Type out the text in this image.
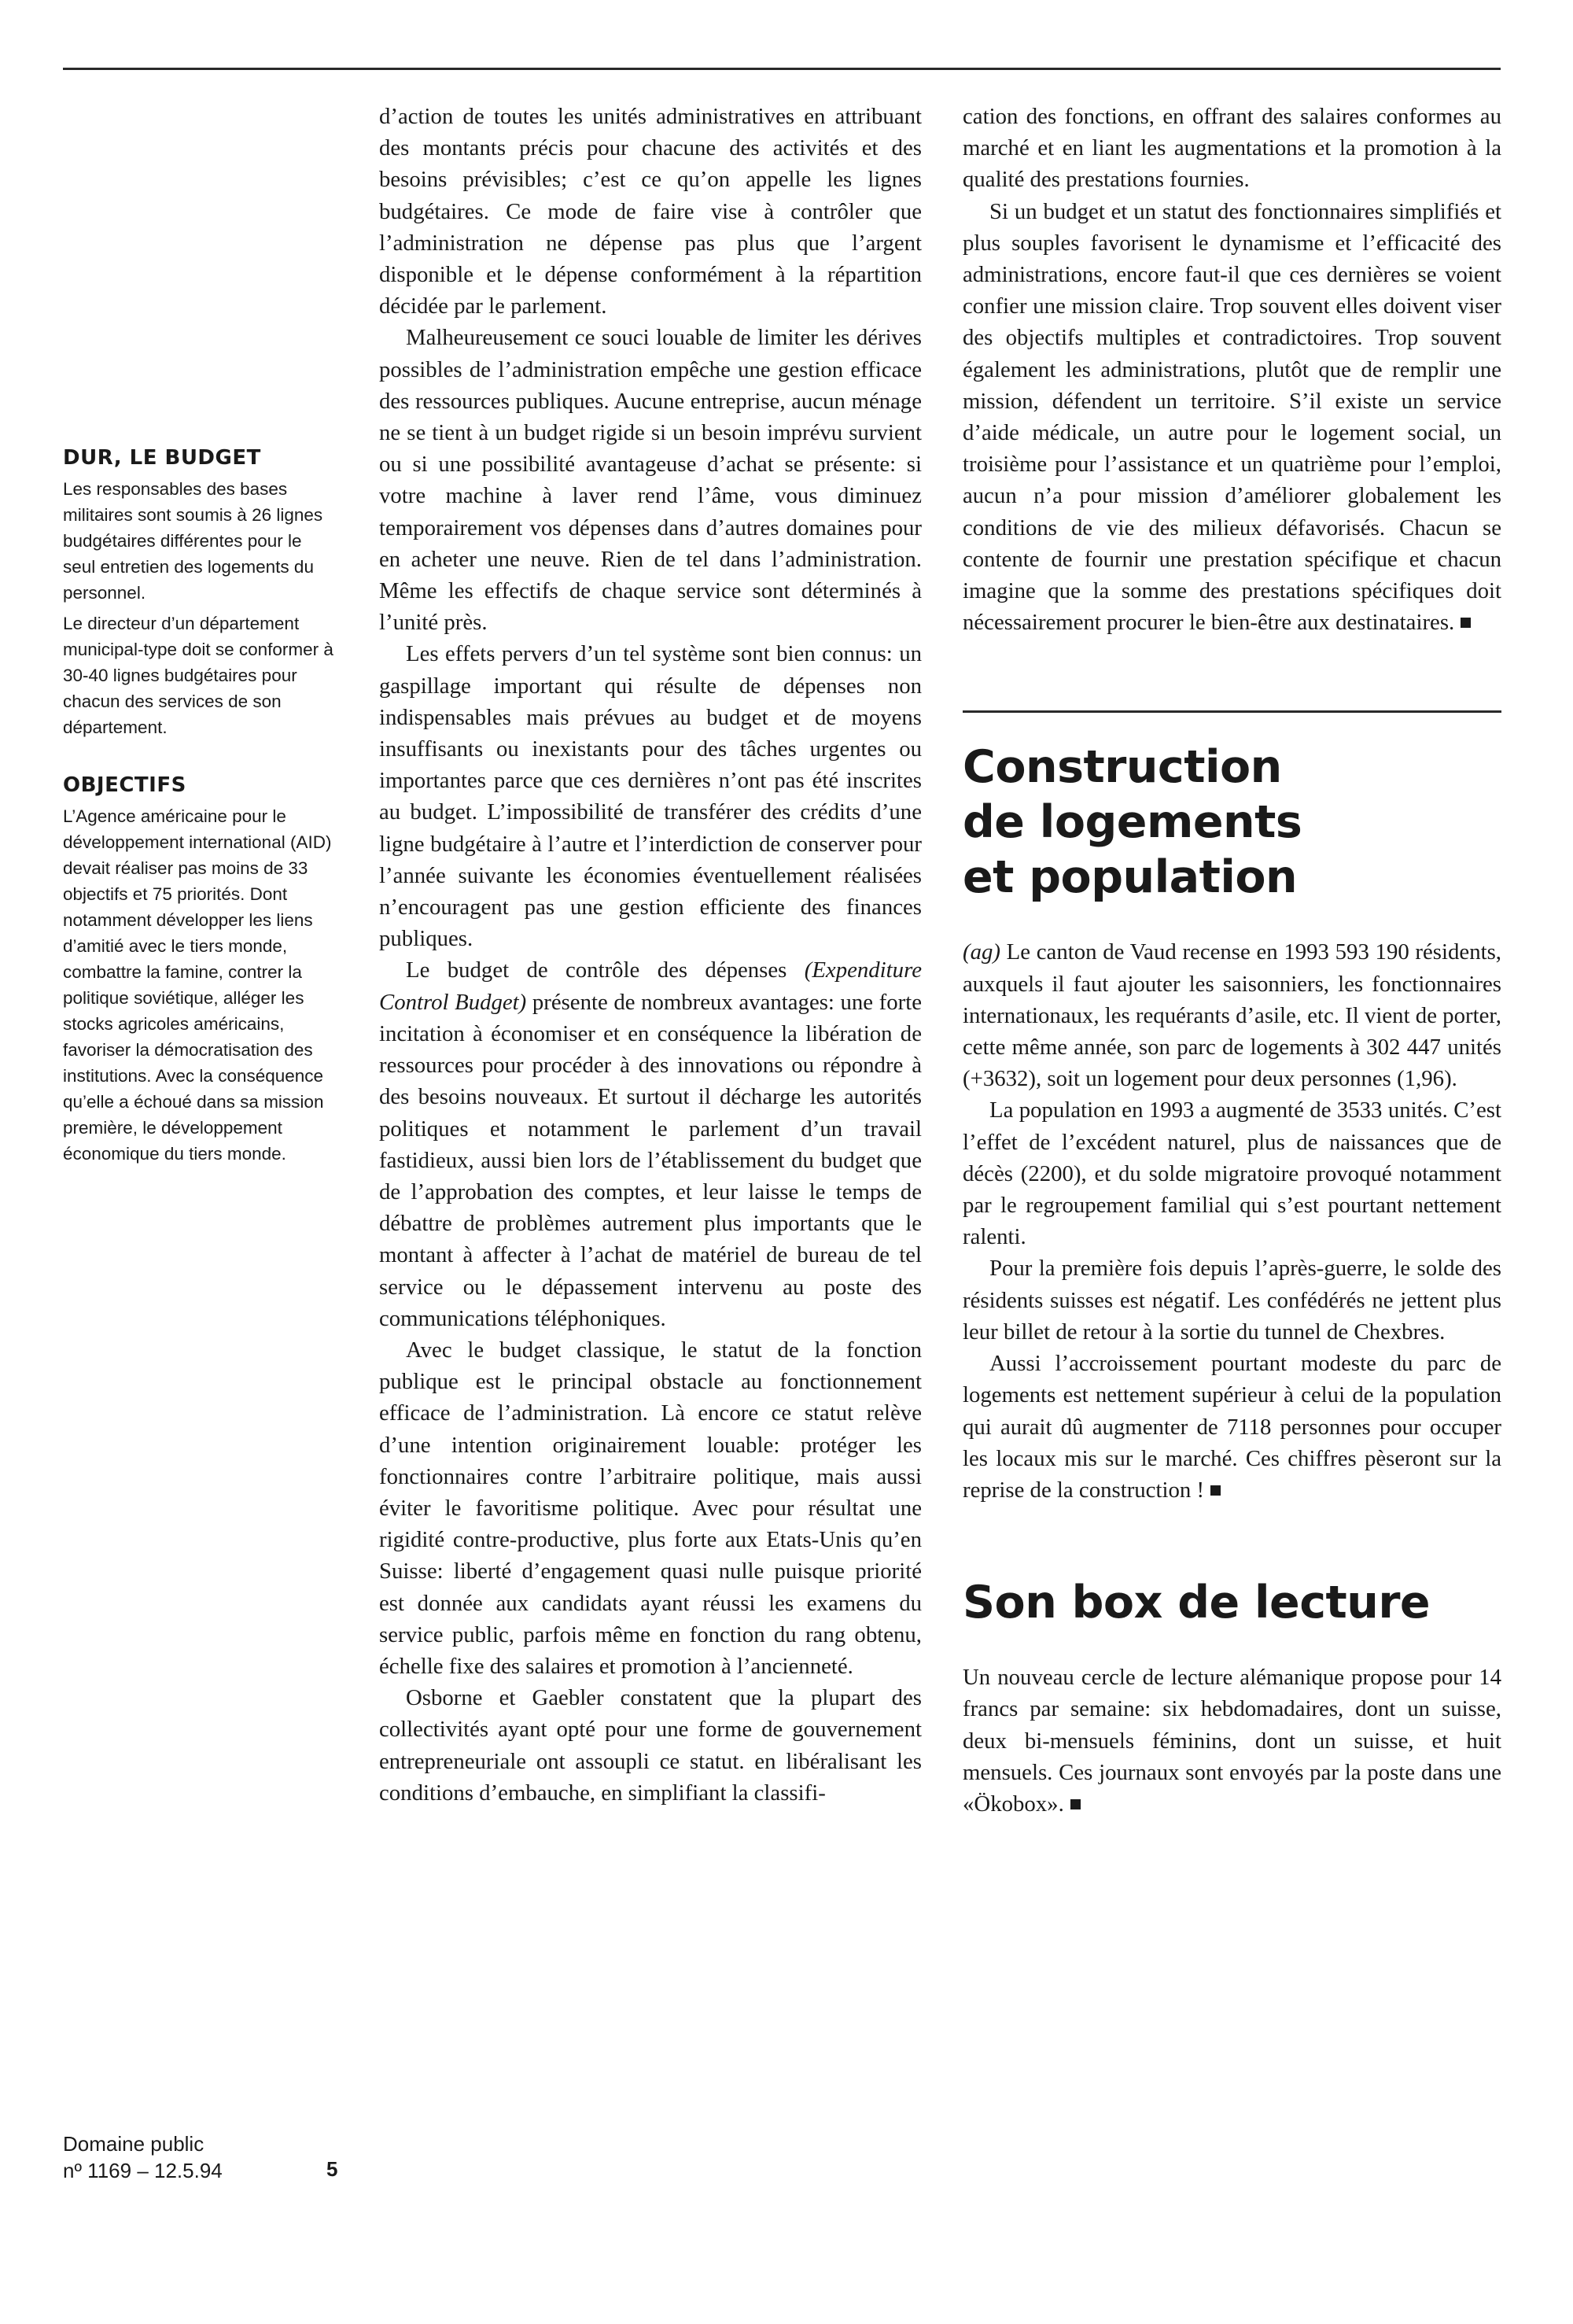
DUR, LE BUDGET

Les responsables des bases militaires sont soumis à 26 lignes budgétaires différentes pour le seul entretien des logements du personnel.

Le directeur d’un département municipal-type doit se conformer à 30-40 lignes budgétaires pour chacun des services de son département.

OBJECTIFS

L’Agence américaine pour le développement international (AID) devait réaliser pas moins de 33 objectifs et 75 priorités. Dont notamment développer les liens d’amitié avec le tiers monde, combattre la famine, contrer la politique soviétique, alléger les stocks agricoles américains, favoriser la démocratisation des institutions. Avec la conséquence qu’elle a échoué dans sa mission première, le développement économique du tiers monde.

Domaine public
nº 1169 – 12.5.94	5

d’action de toutes les unités administratives en attribuant des montants précis pour chacune des activités et des besoins prévisibles; c’est ce qu’on appelle les lignes budgétaires. Ce mode de faire vise à contrôler que l’administration ne dépense pas plus que l’argent disponible et le dépense conformément à la répartition décidée par le parlement.

Malheureusement ce souci louable de limiter les dérives possibles de l’administration empêche une gestion efficace des ressources publiques. Aucune entreprise, aucun ménage ne se tient à un budget rigide si un besoin imprévu survient ou si une possibilité avantageuse d’achat se présente: si votre machine à laver rend l’âme, vous diminuez temporairement vos dépenses dans d’autres domaines pour en acheter une neuve. Rien de tel dans l’administration. Même les effectifs de chaque service sont déterminés à l’unité près.

Les effets pervers d’un tel système sont bien connus: un gaspillage important qui résulte de dépenses non indispensables mais prévues au budget et de moyens insuffisants ou inexistants pour des tâches urgentes ou importantes parce que ces dernières n’ont pas été inscrites au budget. L’impossibilité de transférer des crédits d’une ligne budgétaire à l’autre et l’interdiction de conserver pour l’année suivante les économies éventuellement réalisées n’encouragent pas une gestion efficiente des finances publiques.

Le budget de contrôle des dépenses (Expenditure Control Budget) présente de nombreux avantages: une forte incitation à économiser et en conséquence la libération de ressources pour procéder à des innovations ou répondre à des besoins nouveaux. Et surtout il décharge les autorités politiques et notamment le parlement d’un travail fastidieux, aussi bien lors de l’établissement du budget que de l’approbation des comptes, et leur laisse le temps de débattre de problèmes autrement plus importants que le montant à affecter à l’achat de matériel de bureau de tel service ou le dépassement intervenu au poste des communications téléphoniques.

Avec le budget classique, le statut de la fonction publique est le principal obstacle au fonctionnement efficace de l’administration. Là encore ce statut relève d’une intention originairement louable: protéger les fonctionnaires contre l’arbitraire politique, mais aussi éviter le favoritisme politique. Avec pour résultat une rigidité contre-productive, plus forte aux Etats-Unis qu’en Suisse: liberté d’engagement quasi nulle puisque priorité est donnée aux candidats ayant réussi les examens du service public, parfois même en fonction du rang obtenu, échelle fixe des salaires et promotion à l’ancienneté.

Osborne et Gaebler constatent que la plupart des collectivités ayant opté pour une forme de gouvernement entrepreneuriale ont assoupli ce statut. en libéralisant les conditions d’embauche, en simplifiant la classifi-

cation des fonctions, en offrant des salaires conformes au marché et en liant les augmentations et la promotion à la qualité des prestations fournies.

Si un budget et un statut des fonctionnaires simplifiés et plus souples favorisent le dynamisme et l’efficacité des administrations, encore faut-il que ces dernières se voient confier une mission claire. Trop souvent elles doivent viser des objectifs multiples et contradictoires. Trop souvent également les administrations, plutôt que de remplir une mission, défendent un territoire. S’il existe un service d’aide médicale, un autre pour le logement social, un troisième pour l’assistance et un quatrième pour l’emploi, aucun n’a pour mission d’améliorer globalement les conditions de vie des milieux défavorisés. Chacun se contente de fournir une prestation spécifique et chacun imagine que la somme des prestations spécifiques doit nécessairement procurer le bien-être aux destinataires.

Construction
de logements
et population

(ag) Le canton de Vaud recense en 1993 593 190 résidents, auxquels il faut ajouter les saisonniers, les fonctionnaires internationaux, les requérants d’asile, etc. Il vient de porter, cette même année, son parc de logements à 302 447 unités (+3632), soit un logement pour deux personnes (1,96).

La population en 1993 a augmenté de 3533 unités. C’est l’effet de l’excédent naturel, plus de naissances que de décès (2200), et du solde migratoire provoqué notamment par le regroupement familial qui s’est pourtant nettement ralenti.

Pour la première fois depuis l’après-guerre, le solde des résidents suisses est négatif. Les confédérés ne jettent plus leur billet de retour à la sortie du tunnel de Chexbres.

Aussi l’accroissement pourtant modeste du parc de logements est nettement supérieur à celui de la population qui aurait dû augmenter de 7118 personnes pour occuper les locaux mis sur le marché. Ces chiffres pèseront sur la reprise de la construction !

Son box de lecture

Un nouveau cercle de lecture alémanique propose pour 14 francs par semaine: six hebdomadaires, dont un suisse, deux bi-mensuels féminins, dont un suisse, et huit mensuels. Ces journaux sont envoyés par la poste dans une «Ökobox».
